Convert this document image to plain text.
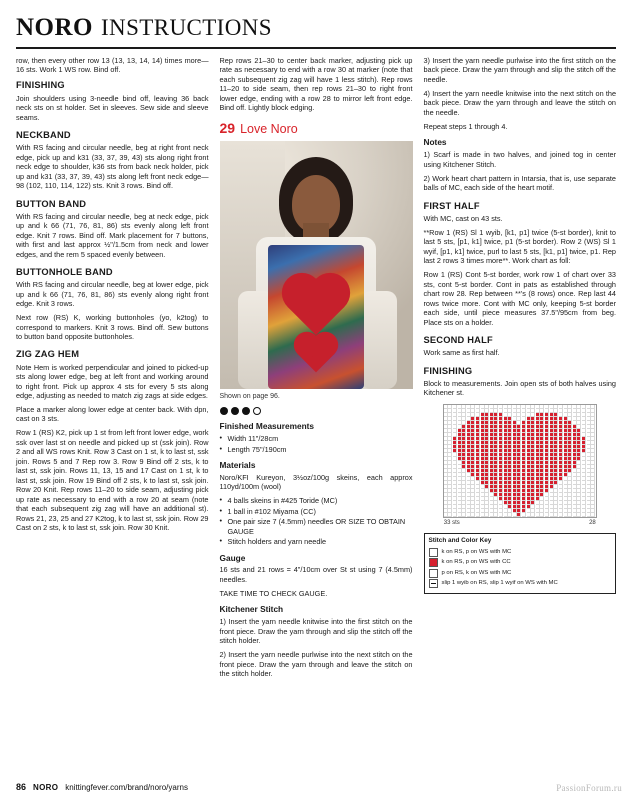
NORO INSTRUCTIONS

row, then every other row 13 (13, 13, 14, 14) times more—16 sts. Work 1 WS row. Bind off.

FINISHING

Join shoulders using 3-needle bind off, leaving 36 back neck sts on st holder. Set in sleeves. Sew side and sleeve seams.

NECKBAND

With RS facing and circular needle, beg at right front neck edge, pick up and k31 (33, 37, 39, 43) sts along right front neck edge to shoulder, k36 sts from back neck holder, pick up and k31 (33, 37, 39, 43) sts along left front neck edge—98 (102, 110, 114, 122) sts. Knit 3 rows. Bind off.

BUTTON BAND

With RS facing and circular needle, beg at neck edge, pick up and k 66 (71, 76, 81, 86) sts evenly along left front edge. Knit 7 rows. Bind off. Mark placement for 7 buttons, with first and last approx ½"/1.5cm from neck and lower edges, and the rem 5 spaced evenly between.

BUTTONHOLE BAND

With RS facing and circular needle, beg at lower edge, pick up and k 66 (71, 76, 81, 86) sts evenly along right front edge. Knit 3 rows.

Next row (RS) K, working buttonholes (yo, k2tog) to correspond to markers. Knit 3 rows. Bind off. Sew buttons to button band opposite buttonholes.

ZIG ZAG HEM

Note Hem is worked perpendicular and joined to picked-up sts along lower edge, beg at left front and working around to right front. Pick up approx 4 sts for every 5 sts along edge, adjusting as needed to match zig zags at side edges.

Place a marker along lower edge at center back. With dpn, cast on 3 sts.

Row 1 (RS) K2, pick up 1 st from left front lower edge, work ssk over last st on needle and picked up st (ssk join). Row 2 and all WS rows Knit. Row 3 Cast on 1 st, k to last st, ssk join. Rows 5 and 7 Rep row 3. Row 9 Bind off 2 sts, k to last st, ssk join. Rows 11, 13, 15 and 17 Cast on 1 st, k to last st, ssk join. Row 19 Bind off 2 sts, k to last st, ssk join. Row 20 Knit. Rep rows 11–20 to side seam, adjusting pick up rate as necessary to end with a row 20 at seam (note that each subsequent zig zag will have an additional st). Rows 21, 23, 25 and 27 K2tog, k to last st, ssk join. Row 29 Cast on 2 sts, k to last st, ssk join. Row 30 Knit.

Rep rows 21–30 to center back marker, adjusting pick up rate as necessary to end with a row 30 at marker (note that each subsequent zig zag will have 1 less stitch). Rep rows 11–20 to side seam, then rep rows 21–30 to right front lower edge, ending with a row 28 to mirror left front edge. Bind off. Lightly block edging.

29 Love Noro
Shown on page 96.
Finished Measurements
• Width 11"/28cm
• Length 75"/190cm
Materials

Noro/KFI Kureyon, 3½oz/100g skeins, each approx 110yd/100m (wool)

• 4 balls skeins in #425 Toride (MC)
• 1 ball in #102 Miyama (CC)
• One pair size 7 (4.5mm) needles OR SIZE TO OBTAIN GAUGE
• Stitch holders and yarn needle
Gauge

16 sts and 21 rows = 4"/10cm over St st using 7 (4.5mm) needles.

TAKE TIME TO CHECK GAUGE.

Kitchener Stitch

1) Insert the yarn needle knitwise into the first stitch on the front piece. Draw the yarn through and slip the stitch off the stitch holder.

2) Insert the yarn needle purlwise into the next stitch on the front piece. Draw the yarn through and leave the stitch on the stitch holder.

3) Insert the yarn needle purlwise into the first stitch on the back piece. Draw the yarn through and slip the stitch off the needle.

4) Insert the yarn needle knitwise into the next stitch on the back piece. Draw the yarn through and leave the stitch on the needle.

Repeat steps 1 through 4.

Notes

1) Scarf is made in two halves, and joined tog in center using Kitchener Stitch.

2) Work heart chart pattern in Intarsia, that is, use separate balls of MC, each side of the heart motif.

FIRST HALF

With MC, cast on 43 sts.

**Row 1 (RS) Sl 1 wyib, [k1, p1] twice (5-st border), knit to last 5 sts, [p1, k1] twice, p1 (5-st border). Row 2 (WS) Sl 1 wyif, [p1, k1] twice, purl to last 5 sts, [k1, p1] twice, p1. Rep last 2 rows 3 times more**. Work chart as foll:

Row 1 (RS) Cont 5-st border, work row 1 of chart over 33 sts, cont 5-st border. Cont in pats as established through chart row 28. Rep between **'s (8 rows) once. Rep last 44 rows twice more. Cont with MC only, keeping 5-st border each side, until piece measures 37.5"/95cm from beg. Place sts on a holder.

SECOND HALF

Work same as first half.

FINISHING

Block to measurements. Join open sts of both halves using Kitchener st.

33 sts	28
Stitch and Color Key
k on RS, p on WS with MC
k on RS, p on WS with CC
p on RS, k on WS with MC
slip 1 wyib on RS, slip 1 wyif on WS with MC
86 NORO knittingfever.com/brand/noro/yarns	PassionForum.ru
